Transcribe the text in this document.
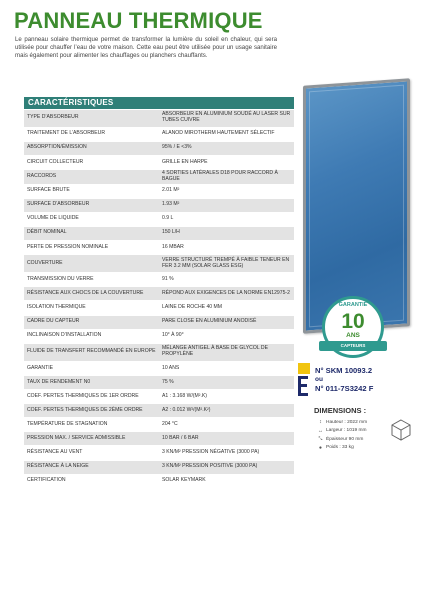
PANNEAU THERMIQUE
Le panneau solaire thermique permet de transformer la lumière du soleil en chaleur, qui sera utilisée pour chauffer l’eau de votre maison. Cette eau peut être utilisée pour un usage sanitaire mais également pour alimenter les chauffages ou planchers chauffants.
CARACTÉRISTIQUES	
TYPE D’ABSORBEUR	ABSORBEUR EN ALUMINIUM SOUDÉ AU LASER SUR TUBES CUIVRE
TRAITEMENT DE L’ABSORBEUR	ALANOD MIROTHERM HAUTEMENT SÉLECTIF
ABSORPTION/ÉMISSION	95% / E <3%
CIRCUIT COLLECTEUR	GRILLE EN HARPE
RACCORDS	4 SORTIES LATÉRALES D18 POUR RACCORD À BAGUE
SURFACE BRUTE	2.01 M²
SURFACE D’ABSORBEUR	1.93 M²
VOLUME DE LIQUIDE	0.9 L
DÉBIT NOMINAL	150 L/H
PERTE DE PRESSION NOMINALE	16 MBAR
COUVERTURE	VERRE STRUCTURÉ TREMPÉ À FAIBLE TENEUR EN FER 3.2 MM (SOLAR GLASS ESG)
TRANSMISSION DU VERRE	91 %
RÉSISTANCE AUX CHOCS DE LA COUVERTURE	RÉPOND AUX EXIGENCES DE LA NORME EN12975-2
ISOLATION THERMIQUE	LAINE DE ROCHE 40 MM
CADRE DU CAPTEUR	PARE CLOSE EN ALUMINIUM ANODISÉ
INCLINAISON D’INSTALLATION	10° À 90°
FLUIDE DE TRANSFERT RECOMMANDÉ EN EUROPE	MÉLANGE ANTIGEL À BASE DE GLYCOL DE PROPYLÈNE
GARANTIE	10 ANS
TAUX DE RENDEMENT N0	75 %
COEF. PERTES THERMIQUES DE 1ER ORDRE	A1 : 3.168 W/(M².K)
COEF. PERTES THERMIQUES DE 2ÈME ORDRE	A2 : 0.012 W²/(M².K²)
TEMPÉRATURE DE STAGNATION	204 °C
PRESSION MAX. / SERVICE ADMISSIBLE	10 BAR / 6 BAR
RÉSISTANCE AU VENT	3 KN/M² PRESSION NÉGATIVE (3000 PA)
RÉSISTANCE À LA NEIGE	3 KN/M² PRESSION POSITIVE (3000 PA)
CERTIFICATION	SOLAR KEYMARK
GARANTIE
10
ANS
CAPTEURS
N° SKM 10093.2
ou
N° 011-7S3242 F
DIMENSIONS :
↕ Hauteur : 2022 mm
↔ Largeur : 1019 mm
⤡ Épaisseur 90 mm
● Poids : 33 kg
